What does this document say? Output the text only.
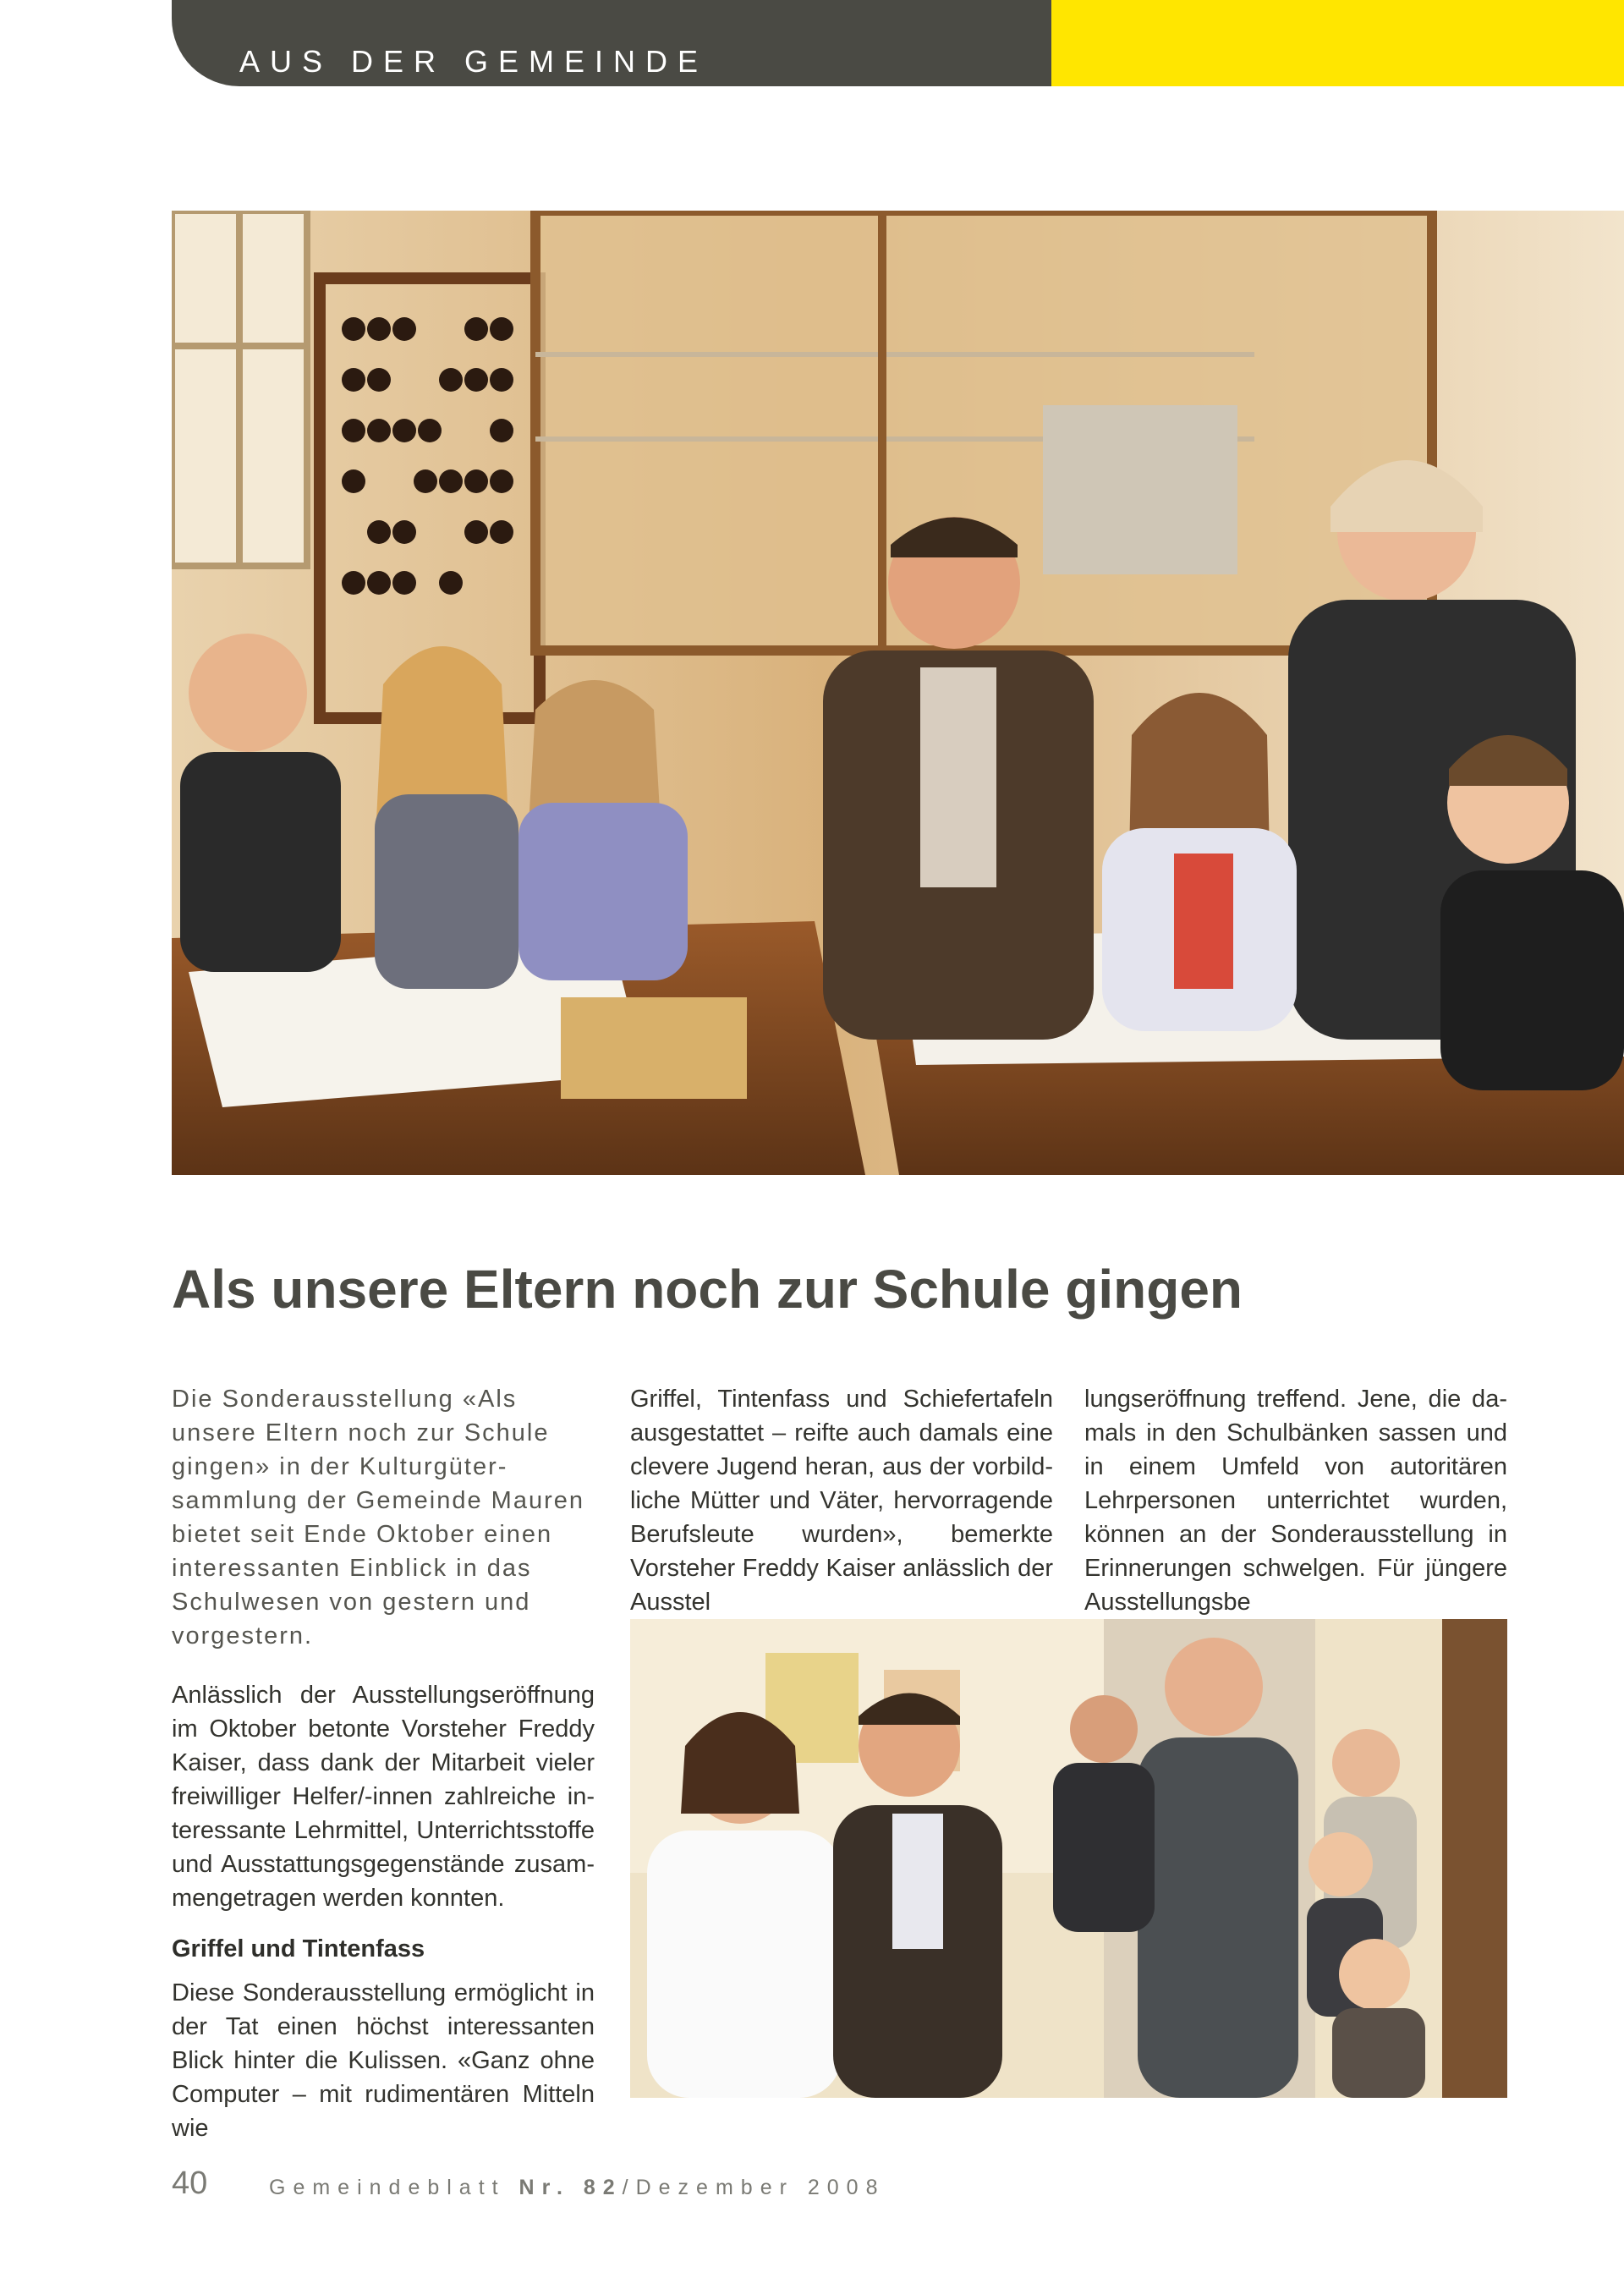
AUS DER GEMEINDE
Als unsere Eltern noch zur Schule gingen

Die Sonderausstellung «Als unsere Eltern noch zur Schule gingen» in der Kulturgütersammlung der Gemeinde Mauren bietet seit Ende Oktober einen interessanten Einblick in das Schulwesen von gestern und vorgestern.

Anlässlich der Ausstellungseröffnung im Oktober betonte Vorsteher Freddy Kaiser, dass dank der Mitarbeit vieler freiwilliger Helfer/-innen zahlreiche interessante Lehrmittel, Unterrichtsstoffe und Ausstattungsgegenstände zusammengetragen werden konnten.

Griffel und Tintenfass

Diese Sonderausstellung ermöglicht in der Tat einen höchst interessanten Blick hinter die Kulissen. «Ganz ohne Computer – mit rudimentären Mitteln wie

Griffel, Tintenfass und Schiefertafeln ausgestattet – reifte auch damals eine clevere Jugend heran, aus der vorbildliche Mütter und Väter, hervorragende Berufsleute wurden», bemerkte Vorsteher Freddy Kaiser anlässlich der Ausstel

lungseröffnung treffend. Jene, die damals in den Schulbänken sassen und in einem Umfeld von autoritären Lehrpersonen unterrichtet wurden, können an der Sonderausstellung in Erinnerungen schwelgen. Für jüngere Ausstellungsbe

40	Gemeindeblatt Nr. 82/Dezember 2008
